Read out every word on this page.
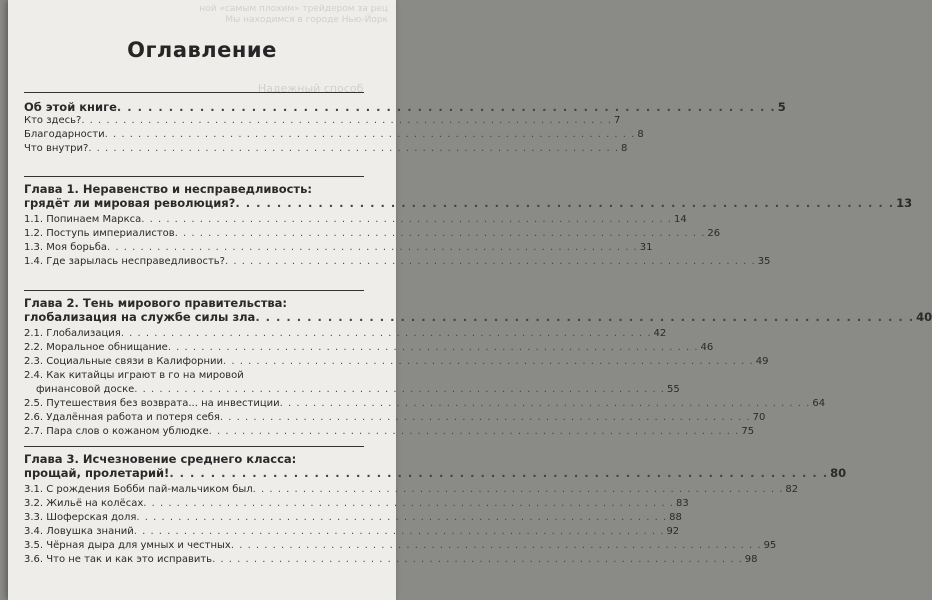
ной «самым плохим» трейдером за рец
Мы находимся в городе Нью-Йорк
Надежный способ
Оглавление
Об этой книге . . .	5
Кто здесь? . . .	7
Благодарности . . .	8
Что внутри? . . .	8
Глава 1. Неравенство и несправедливость:
грядёт ли мировая революция? . . .	13
1.1. Попинаем Маркса . . .	14
1.2. Поступь империалистов . . .	26
1.3. Моя борьба . . .	31
1.4. Где зарылась несправедливость? . . .	35
Глава 2. Тень мирового правительства:
глобализация на службе силы зла . . .	40
2.1. Глобализация . . .	42
2.2. Моральное обнищание . . .	46
2.3. Социальные связи в Калифорнии . . .	49
2.4. Как китайцы играют в го на мировой
финансовой доске . . .	55
2.5. Путешествия без возврата... на инвестиции . . .	64
2.6. Удалённая работа и потеря себя . . .	70
2.7. Пара слов о кожаном ублюдке . . .	75
Глава 3. Исчезновение среднего класса:
прощай, пролетарий! . . .	80
3.1. С рождения Бобби пай-мальчиком был . . .	82
3.2. Жильё на колёсах . . .	83
3.3. Шоферская доля . . .	88
3.4. Ловушка знаний . . .	92
3.5. Чёрная дыра для умных и честных . . .	95
3.6. Что не так и как это исправить . . .	98
